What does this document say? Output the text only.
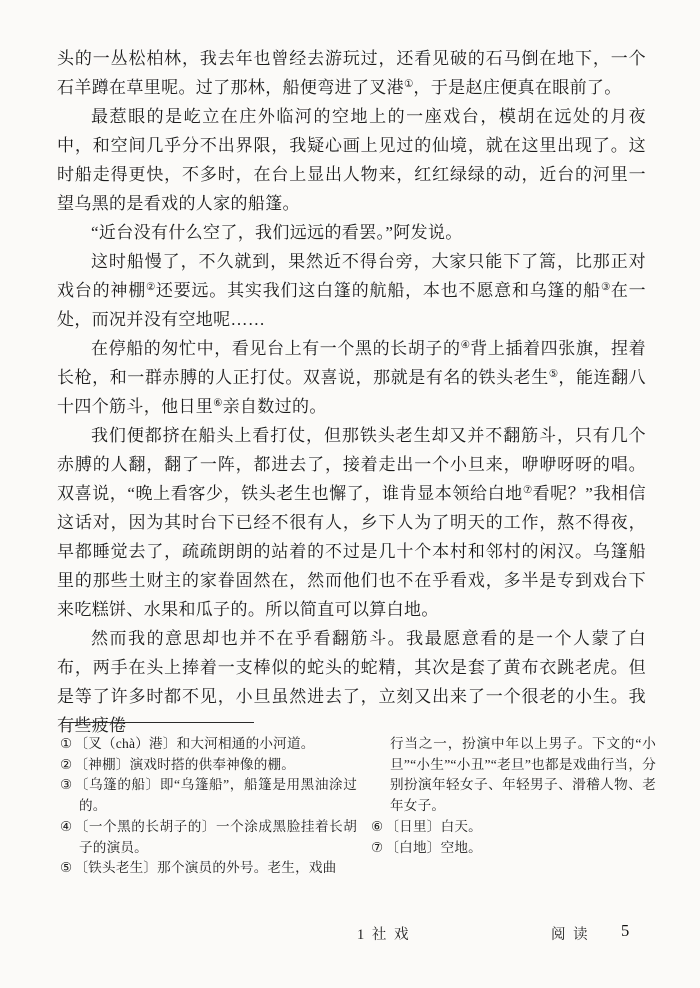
头的一丛松柏林，我去年也曾经去游玩过，还看见破的石马倒在地下，一个石羊蹲在草里呢。过了那林，船便弯进了叉港①，于是赵庄便真在眼前了。

最惹眼的是屹立在庄外临河的空地上的一座戏台，模胡在远处的月夜中，和空间几乎分不出界限，我疑心画上见过的仙境，就在这里出现了。这时船走得更快，不多时，在台上显出人物来，红红绿绿的动，近台的河里一望乌黑的是看戏的人家的船篷。

“近台没有什么空了，我们远远的看罢。”阿发说。

这时船慢了，不久就到，果然近不得台旁，大家只能下了篙，比那正对戏台的神棚②还要远。其实我们这白篷的航船，本也不愿意和乌篷的船③在一处，而况并没有空地呢……

在停船的匆忙中，看见台上有一个黑的长胡子的④背上插着四张旗，捏着长枪，和一群赤膊的人正打仗。双喜说，那就是有名的铁头老生⑤，能连翻八十四个筋斗，他日里⑥亲自数过的。

我们便都挤在船头上看打仗，但那铁头老生却又并不翻筋斗，只有几个赤膊的人翻，翻了一阵，都进去了，接着走出一个小旦来，咿咿呀呀的唱。双喜说，“晚上看客少，铁头老生也懈了，谁肯显本领给白地⑦看呢？”我相信这话对，因为其时台下已经不很有人，乡下人为了明天的工作，熬不得夜，早都睡觉去了，疏疏朗朗的站着的不过是几十个本村和邻村的闲汉。乌篷船里的那些土财主的家眷固然在，然而他们也不在乎看戏，多半是专到戏台下来吃糕饼、水果和瓜子的。所以简直可以算白地。

然而我的意思却也并不在乎看翻筋斗。我最愿意看的是一个人蒙了白布，两手在头上捧着一支棒似的蛇头的蛇精，其次是套了黄布衣跳老虎。但是等了许多时都不见，小旦虽然进去了，立刻又出来了一个很老的小生。我有些疲倦

① 〔叉（chà）港〕和大河相通的小河道。
② 〔神棚〕演戏时搭的供奉神像的棚。
③ 〔乌篷的船〕即“乌篷船”，船篷是用黑油涂过的。
④ 〔一个黑的长胡子的〕一个涂成黑脸挂着长胡子的演员。
⑤ 〔铁头老生〕那个演员的外号。老生，戏曲
行当之一，扮演中年以上男子。下文的“小旦”“小生”“小丑”“老旦”也都是戏曲行当，分别扮演年轻女子、年轻男子、滑稽人物、老年女子。
⑥ 〔日里〕白天。
⑦ 〔白地〕空地。
1 社 戏	阅 读 5
